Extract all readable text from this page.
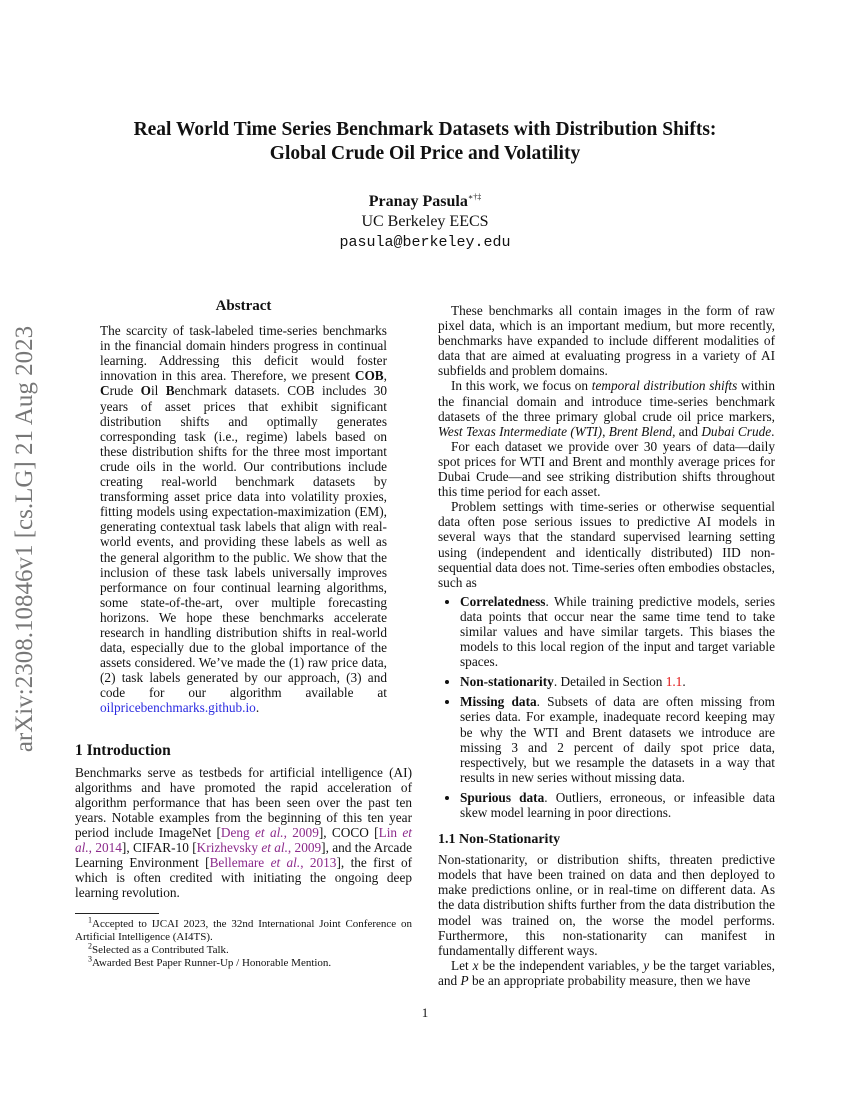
arXiv:2308.10846v1 [cs.LG] 21 Aug 2023
Real World Time Series Benchmark Datasets with Distribution Shifts:
Global Crude Oil Price and Volatility
Pranay Pasula∗†‡
UC Berkeley EECS
pasula@berkeley.edu
Abstract

The scarcity of task-labeled time-series benchmarks in the financial domain hinders progress in continual learning. Addressing this deficit would foster innovation in this area. Therefore, we present COB, Crude Oil Benchmark datasets. COB includes 30 years of asset prices that exhibit significant distribution shifts and optimally generates corresponding task (i.e., regime) labels based on these distribution shifts for the three most important crude oils in the world. Our contributions include creating real-world benchmark datasets by transforming asset price data into volatility proxies, fitting models using expectation-maximization (EM), generating contextual task labels that align with real-world events, and providing these labels as well as the general algorithm to the public. We show that the inclusion of these task labels universally improves performance on four continual learning algorithms, some state-of-the-art, over multiple forecasting horizons. We hope these benchmarks accelerate research in handling distribution shifts in real-world data, especially due to the global importance of the assets considered. We’ve made the (1) raw price data, (2) task labels generated by our approach, (3) and code for our algorithm available at oilpricebenchmarks.github.io.

1 Introduction

Benchmarks serve as testbeds for artificial intelligence (AI) algorithms and have promoted the rapid acceleration of algorithm performance that has been seen over the past ten years. Notable examples from the beginning of this ten year period include ImageNet [Deng et al., 2009], COCO [Lin et al., 2014], CIFAR-10 [Krizhevsky et al., 2009], and the Arcade Learning Environment [Bellemare et al., 2013], the first of which is often credited with initiating the ongoing deep learning revolution.

$^1$Accepted to IJCAI 2023, the 32nd International Joint Conference on Artificial Intelligence (AI4TS).
$^2$Selected as a Contributed Talk.
$^3$Awarded Best Paper Runner-Up / Honorable Mention.

These benchmarks all contain images in the form of raw pixel data, which is an important medium, but more recently, benchmarks have expanded to include different modalities of data that are aimed at evaluating progress in a variety of AI subfields and problem domains.

In this work, we focus on temporal distribution shifts within the financial domain and introduce time-series benchmark datasets of the three primary global crude oil price markers, West Texas Intermediate (WTI), Brent Blend, and Dubai Crude.

For each dataset we provide over 30 years of data—daily spot prices for WTI and Brent and monthly average prices for Dubai Crude—and see striking distribution shifts throughout this time period for each asset.

Problem settings with time-series or otherwise sequential data often pose serious issues to predictive AI models in several ways that the standard supervised learning setting using (independent and identically distributed) IID non-sequential data does not. Time-series often embodies obstacles, such as

• Correlatedness. While training predictive models, series data points that occur near the same time tend to take similar values and have similar targets. This biases the models to this local region of the input and target variable spaces.
• Non-stationarity. Detailed in Section 1.1.
• Missing data. Subsets of data are often missing from series data. For example, inadequate record keeping may be why the WTI and Brent datasets we introduce are missing 3 and 2 percent of daily spot price data, respectively, but we resample the datasets in a way that results in new series without missing data.
• Spurious data. Outliers, erroneous, or infeasible data skew model learning in poor directions.
1.1 Non-Stationarity

Non-stationarity, or distribution shifts, threaten predictive models that have been trained on data and then deployed to make predictions online, or in real-time on different data. As the data distribution shifts further from the data distribution the model was trained on, the worse the model performs. Furthermore, this non-stationarity can manifest in fundamentally different ways.

Let x be the independent variables, y be the target variables, and P be an appropriate probability measure, then we have

1
